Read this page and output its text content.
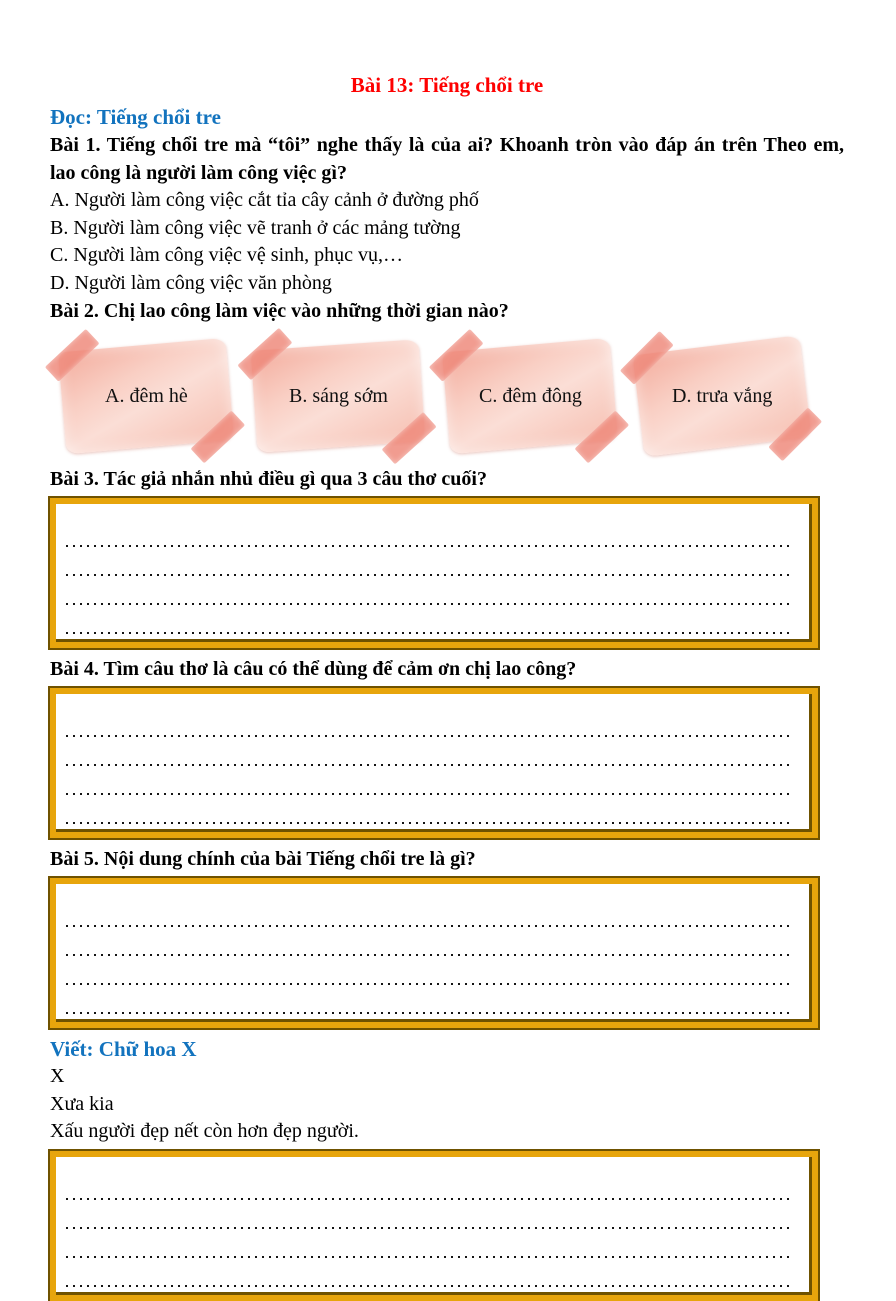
Bài 13: Tiếng chổi tre
Đọc: Tiếng chổi tre

Bài 1. Tiếng chổi tre mà “tôi” nghe thấy là của ai? Khoanh tròn vào đáp án trên Theo em, lao công là người làm công việc gì?

A. Người làm công việc cắt tỉa cây cảnh ở đường phố

B. Người làm công việc vẽ tranh ở các mảng tường

C. Người làm công việc vệ sinh, phục vụ,…

D. Người làm công việc văn phòng

Bài 2. Chị lao công làm việc vào những thời gian nào?

A. đêm hè	B. sáng sớm	C. đêm đông	D. trưa vắng

Bài 3. Tác giả nhắn nhủ điều gì qua 3 câu thơ cuối?

Bài 4. Tìm câu thơ là câu có thể dùng để cảm ơn chị lao công?

Bài 5. Nội dung chính của bài Tiếng chổi tre là gì?

Viết: Chữ hoa X

X

Xưa kia

Xấu người đẹp nết còn hơn đẹp người.
